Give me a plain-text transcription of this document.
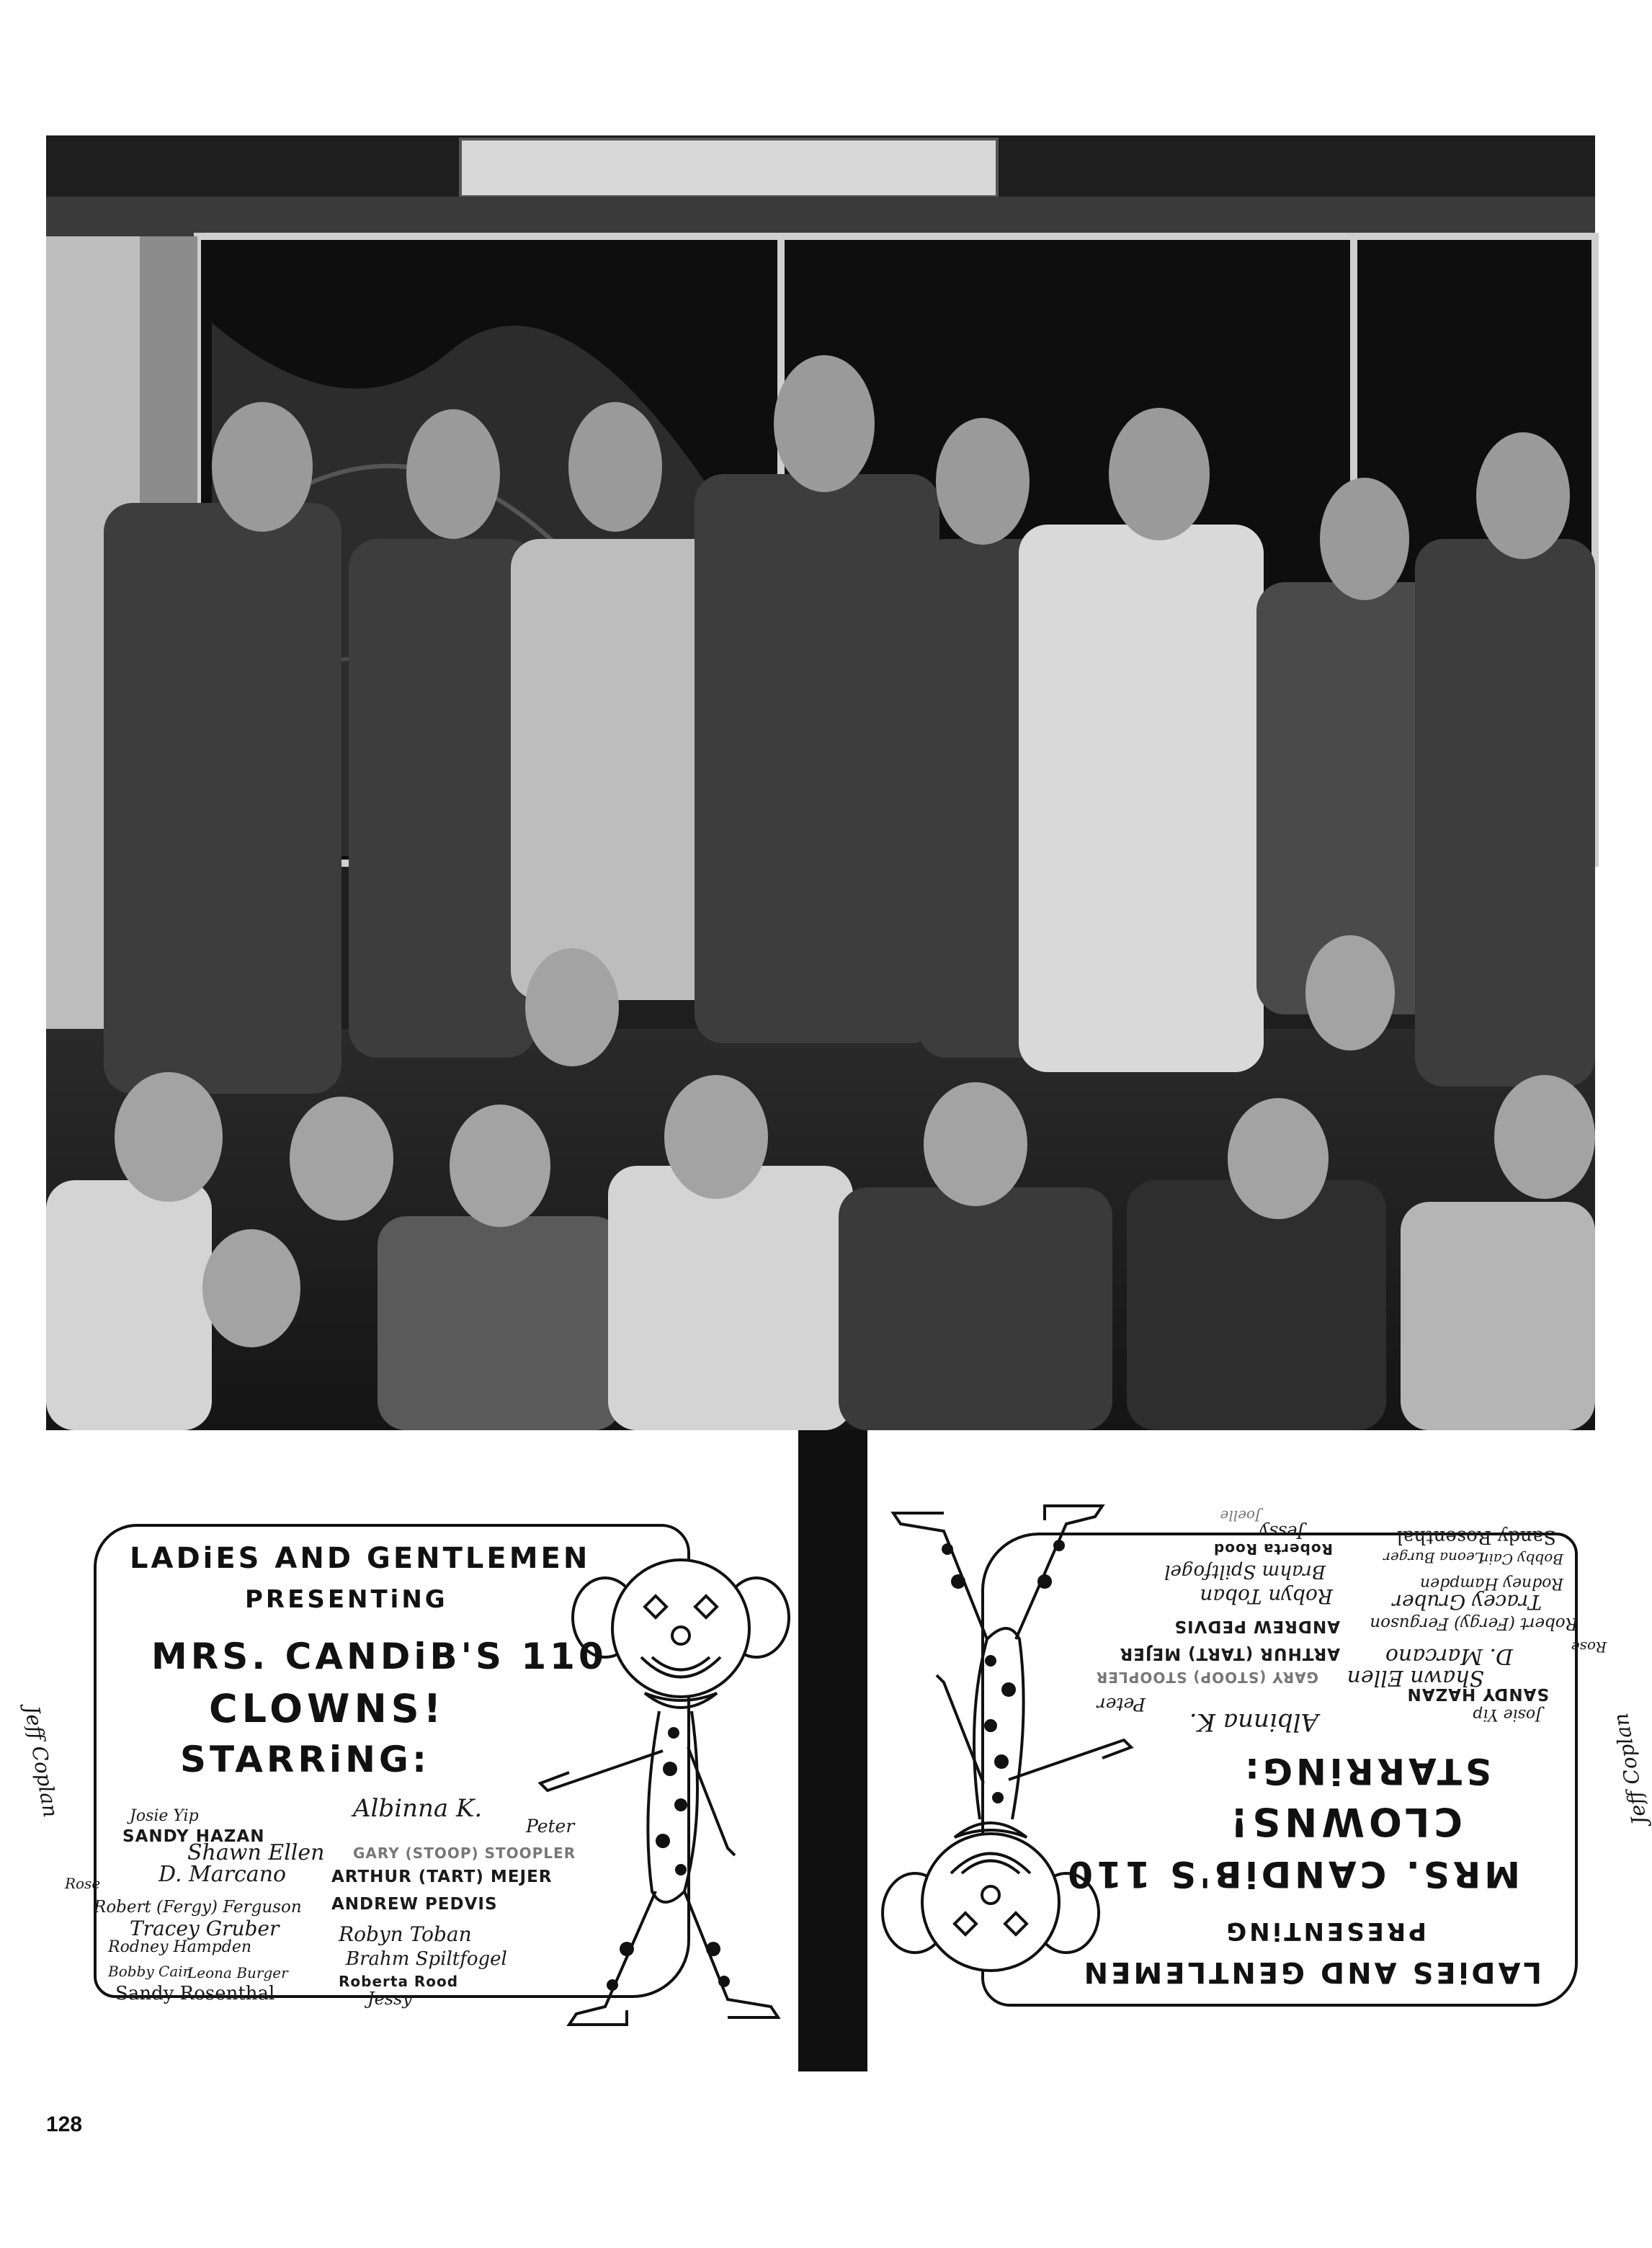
LADiES AND GENTLEMEN
PRESENTiNG
MRS. CANDiB'S 110
CLOWNS!
STARRiNG:
Jeff Coplan	Albinna K.
Peter
Josie Yip
SANDY HAZAN
Shawn Ellen GARY (STOOP) STOOPLER
D. Marcano	ARTHUR (TART) MEJER
Rose
Robert (Fergy) Ferguson ANDREW PEDVIS
Tracey Gruber	Robyn Toban
Rodney Hampden
Brahm Spiltfogel
Bobby Cain
Leona Burger	Roberta Rood
Sandy Rosenthal	Jessy
LADiES AND GENTLEMEN
PRESENTiNG
MRS. CANDiB'S 110
CLOWNS!
STARRiNG:	Jeff Coplan
Albinna K.
Peter	Josie Yip
SANDY HAZAN
Shawn Ellen
GARY (STOOP) STOOPLER
D. Marcano
ARTHUR (TART) MEJER	Rose
Robert (Fergy) Ferguson
ANDREW PEDVIS
Tracey Gruber
Robyn Toban
Rodney Hampden
Brahm Spiltfogel
Bobby Cain
Leona Burger
Roberta Rood
Sandy Rosenthal
Jessy
Joelle
128
